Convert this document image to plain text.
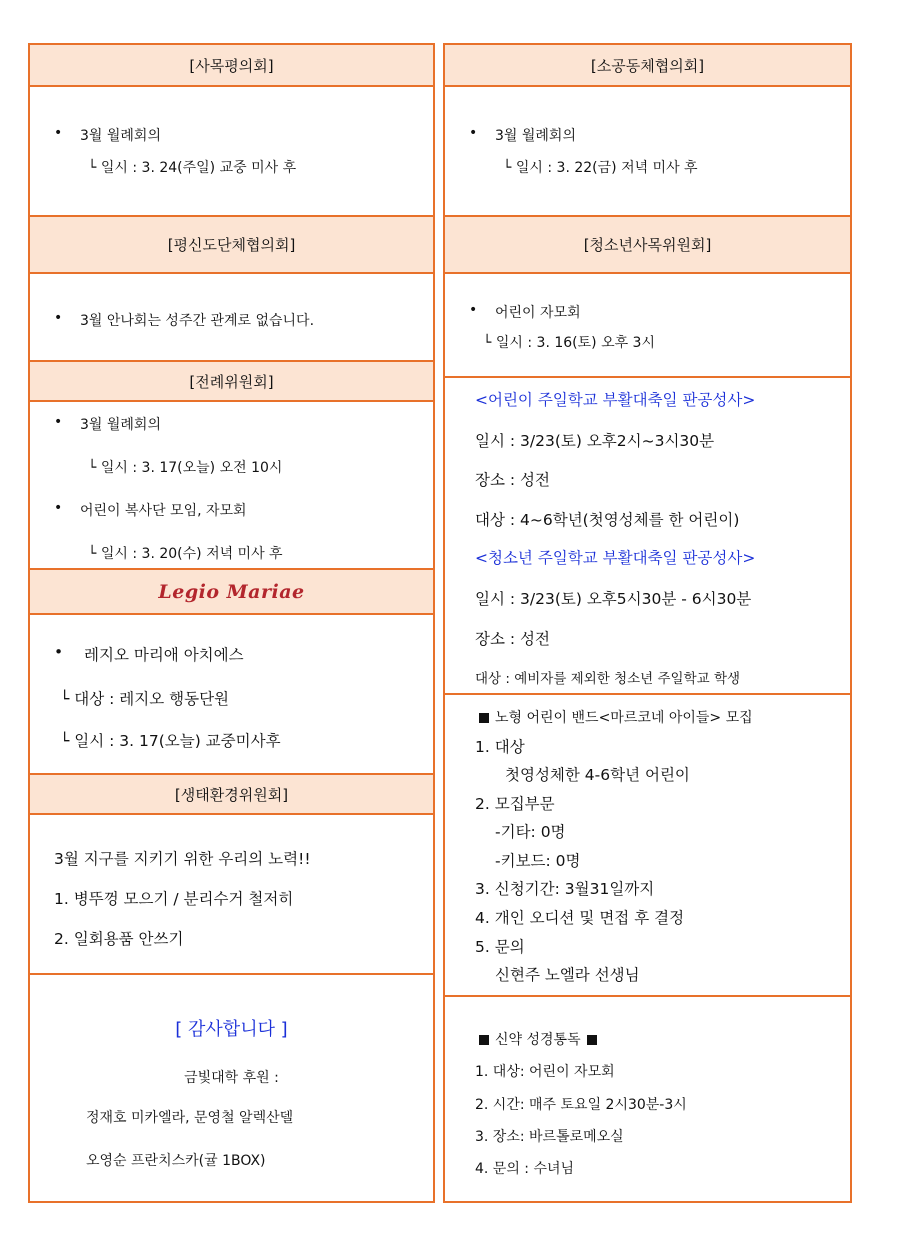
[사목평의회]
• 3월 월례회의
└ 일시 : 3. 24(주일) 교중 미사 후
[평신도단체협의회]
• 3월 안나회는 성주간 관계로 없습니다.
[전례위원회]
• 3월 월례회의
└ 일시 : 3. 17(오늘) 오전 10시
• 어린이 복사단 모임, 자모회
└ 일시 : 3. 20(수) 저녁 미사 후
Legio Mariae
• 레지오 마리애 아치에스
└ 대상 : 레지오 행동단원
└ 일시 : 3. 17(오늘) 교중미사후
[생태환경위원회]
3월 지구를 지키기 위한 우리의 노력!!
1. 병뚜껑 모으기 / 분리수거 철저히
2. 일회용품 안쓰기
[ 감사합니다 ]
금빛대학 후원 :
정재호 미카엘라, 문영철 알렉산델
오영순 프란치스카(귤 1BOX)
[소공동체협의회]
• 3월 월례회의
└ 일시 : 3. 22(금) 저녁 미사 후
[청소년사목위원회]
• 어린이 자모회
└ 일시 : 3. 16(토) 오후 3시
<어린이 주일학교 부활대축일 판공성사>
일시 : 3/23(토) 오후2시~3시30분
장소 : 성전
대상 : 4~6학년(첫영성체를 한 어린이)
<청소년 주일학교 부활대축일 판공성사>
일시 : 3/23(토) 오후5시30분 - 6시30분
장소 : 성전
대상 : 예비자를 제외한 청소년 주일학교 학생
노형 어린이 밴드<마르코네 아이들> 모집
1. 대상
첫영성체한 4-6학년 어린이
2. 모집부문
-기타: 0명
-키보드: 0명
3. 신청기간: 3월31일까지
4. 개인 오디션 및 면접 후 결정
5. 문의
신현주 노엘라 선생님
신약 성경통독
1. 대상: 어린이 자모회
2. 시간: 매주 토요일 2시30분-3시
3. 장소: 바르톨로메오실
4. 문의 : 수녀님
